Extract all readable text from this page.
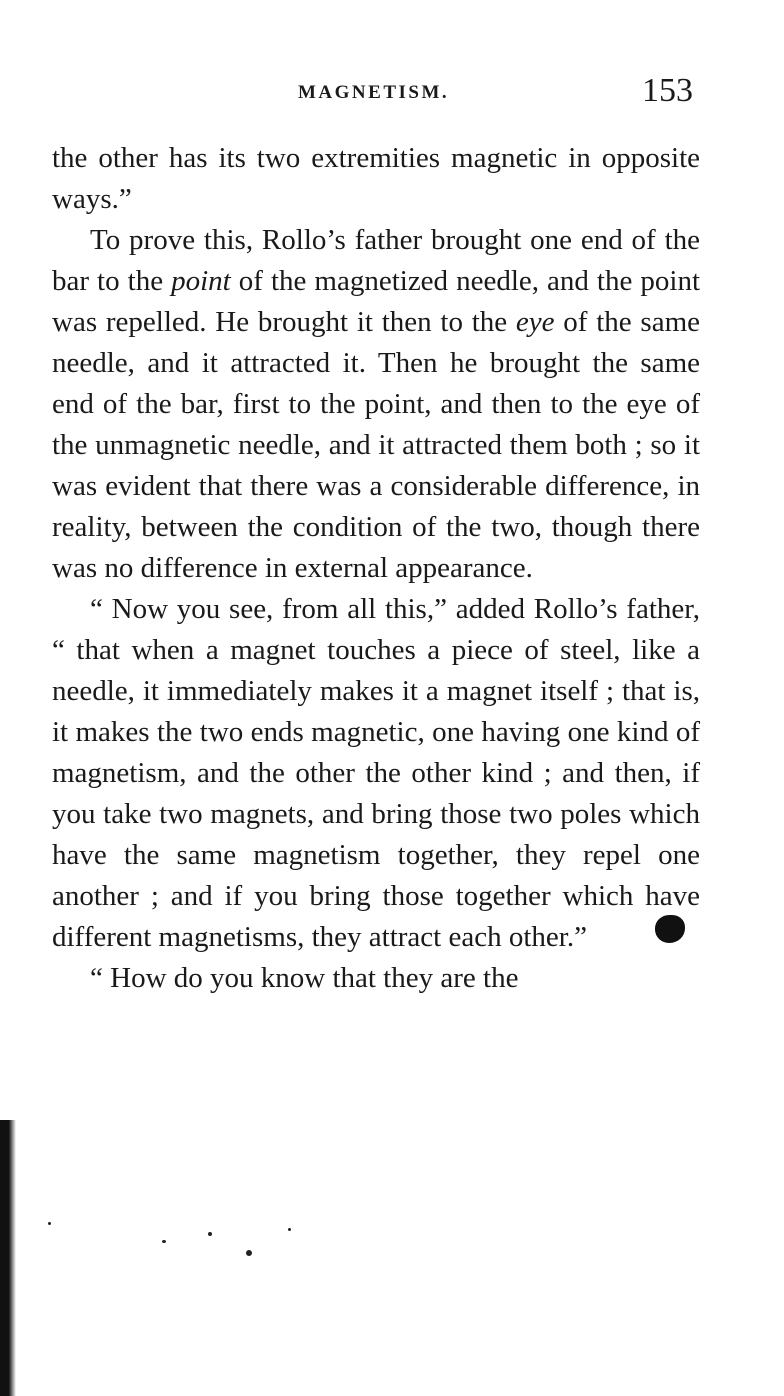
MAGNETISM.	153

the other has its two extremities magnetic in opposite ways.”

To prove this, Rollo’s father brought one end of the bar to the point of the magnetized needle, and the point was repelled. He brought it then to the eye of the same needle, and it attracted it. Then he brought the same end of the bar, first to the point, and then to the eye of the unmagnetic needle, and it attracted them both ; so it was evident that there was a considerable difference, in reality, between the condition of the two, though there was no difference in external appearance.

“ Now you see, from all this,” added Rollo’s father, “ that when a magnet touches a piece of steel, like a needle, it immediately makes it a magnet itself ; that is, it makes the two ends magnetic, one having one kind of magnetism, and the other the other kind ; and then, if you take two magnets, and bring those two poles which have the same magnetism together, they repel one another ; and if you bring those together which have different magnetisms, they attract each other.”

“ How do you know that they are the
